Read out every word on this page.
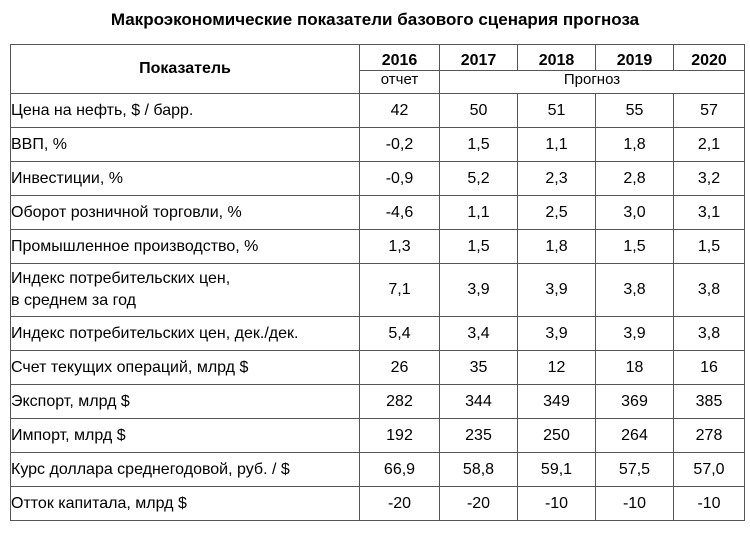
Макроэкономические показатели базового сценария прогноза
Показатель	2016	2017	2018	2019	2020
	отчет	Прогноз			
Цена на нефть, $ / барр.	42	50	51	55	57
ВВП, %	-0,2	1,5	1,1	1,8	2,1
Инвестиции, %	-0,9	5,2	2,3	2,8	3,2
Оборот розничной торговли, %	-4,6	1,1	2,5	3,0	3,1
Промышленное производство, %	1,3	1,5	1,8	1,5	1,5

Индекс потребительских цен,
в среднем за год	7,1	3,9	3,9	3,8	3,8
Индекс потребительских цен, дек./дек.	5,4	3,4	3,9	3,9	3,8
Счет текущих операций, млрд $	26	35	12	18	16
Экспорт, млрд $	282	344	349	369	385
Импорт, млрд $	192	235	250	264	278
Курс доллара среднегодовой, руб. / $	66,9	58,8	59,1	57,5	57,0
Отток капитала, млрд $	-20	-20	-10	-10	-10
